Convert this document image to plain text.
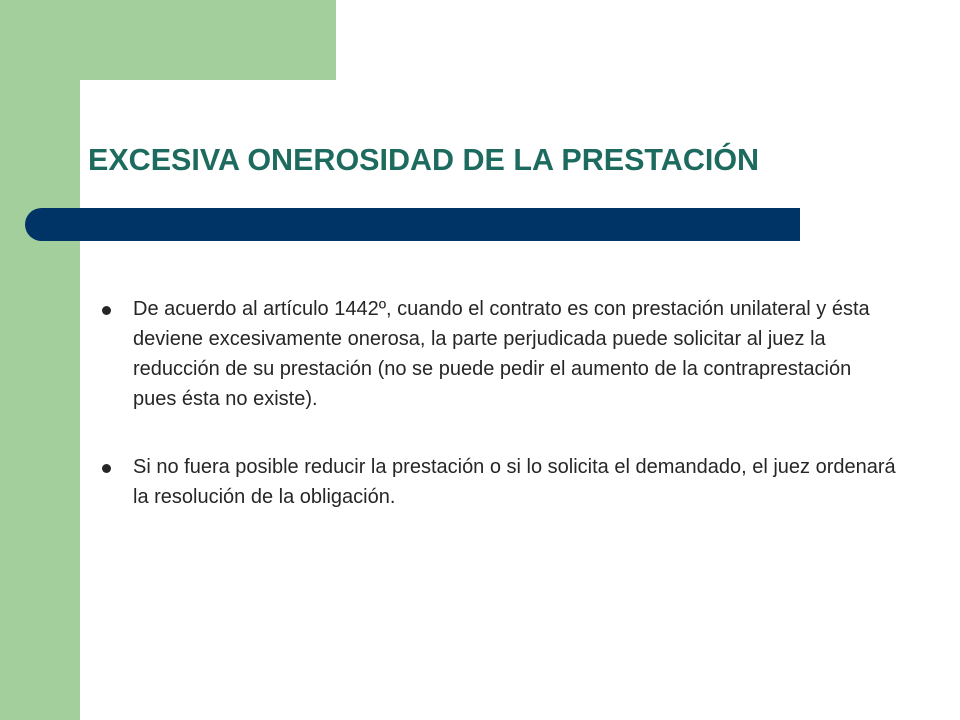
EXCESIVA ONEROSIDAD DE LA PRESTACIÓN
De acuerdo al artículo 1442º, cuando el contrato es con prestación unilateral y ésta deviene excesivamente onerosa, la parte perjudicada puede solicitar al juez la reducción de su prestación (no se puede pedir el aumento de la contraprestación pues ésta no existe).
Si no fuera posible reducir la prestación o si lo solicita el demandado, el juez ordenará la resolución de la obligación.
